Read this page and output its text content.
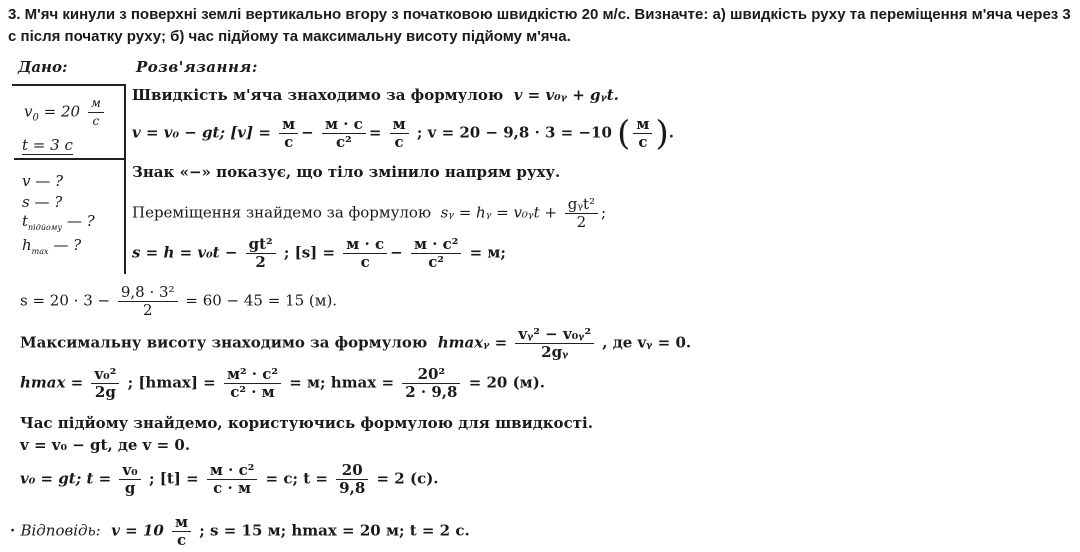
3. М'яч кинули з поверхні землі вертикально вгору з початковою швидкістю 20 м/с. Визначте: а) швидкість руху та переміщення м'яча через 3 с після початку руху; б) час підйому та максимальну висоту підйому м'яча.
Дано:	Розв'язання:
$v_0 = 20 \frac{м}{с}$
t = 3 с
v — ?
s — ?
$t_{підйому}$ — ?
$h_{max}$ — ?
Швидкість м'яча знаходимо за формулою v = v₀ᵧ + gᵧt.
v = v₀ − gt; $[v] = \frac{м}{с} - \frac{м \cdot с}{\text{с²}} = \frac{м}{с}$ ; v = 20 − 9,8 · 3 = −10 ( $\frac{м}{с}$ ).
Знак «−» показує, що тіло змінило напрям руху.
Переміщення знайдемо за формулою sᵧ = hᵧ = v₀ᵧt + $\frac{\text{gᵧt²}}{2}$ ;
$s = h = v_0t - \frac{\text{gt²}}{2}$ ; $[s] = \frac{м \cdot с}{с} - \frac{\text{м · с²}}{\text{с²}} = м$;
$s = 20 \cdot 3 - \frac{\text{9,8 · 3²}}{2} = 60 - 45 = 15$ (м).
Максимальну висоту знаходимо за формулою hmaxᵧ = $\frac{\text{vᵧ² − v₀ᵧ²}}{\text{2gᵧ}}$ , де vᵧ = 0.
$hmax = \frac{\text{v₀²}}{2g}$ ; $[hmax] = \frac{\text{м² · с²}}{\text{с² · м}} = м$; $hmax = \frac{\text{20²}}{2 \cdot 9,8} = 20$ (м).
Час підйому знайдемо, користуючись формулою для швидкості.
v = v₀ − gt, де v = 0.
v₀ = gt; $t = \frac{\text{v₀}}{g}$ ; $[t] = \frac{\text{м · с²}}{с \cdot м} = с$; $t = \frac{20}{9,8} = 2$ (с).
· Відповідь: $v = 10 \frac{м}{с}$ ; s = 15 м; hmax = 20 м; t = 2 с.
